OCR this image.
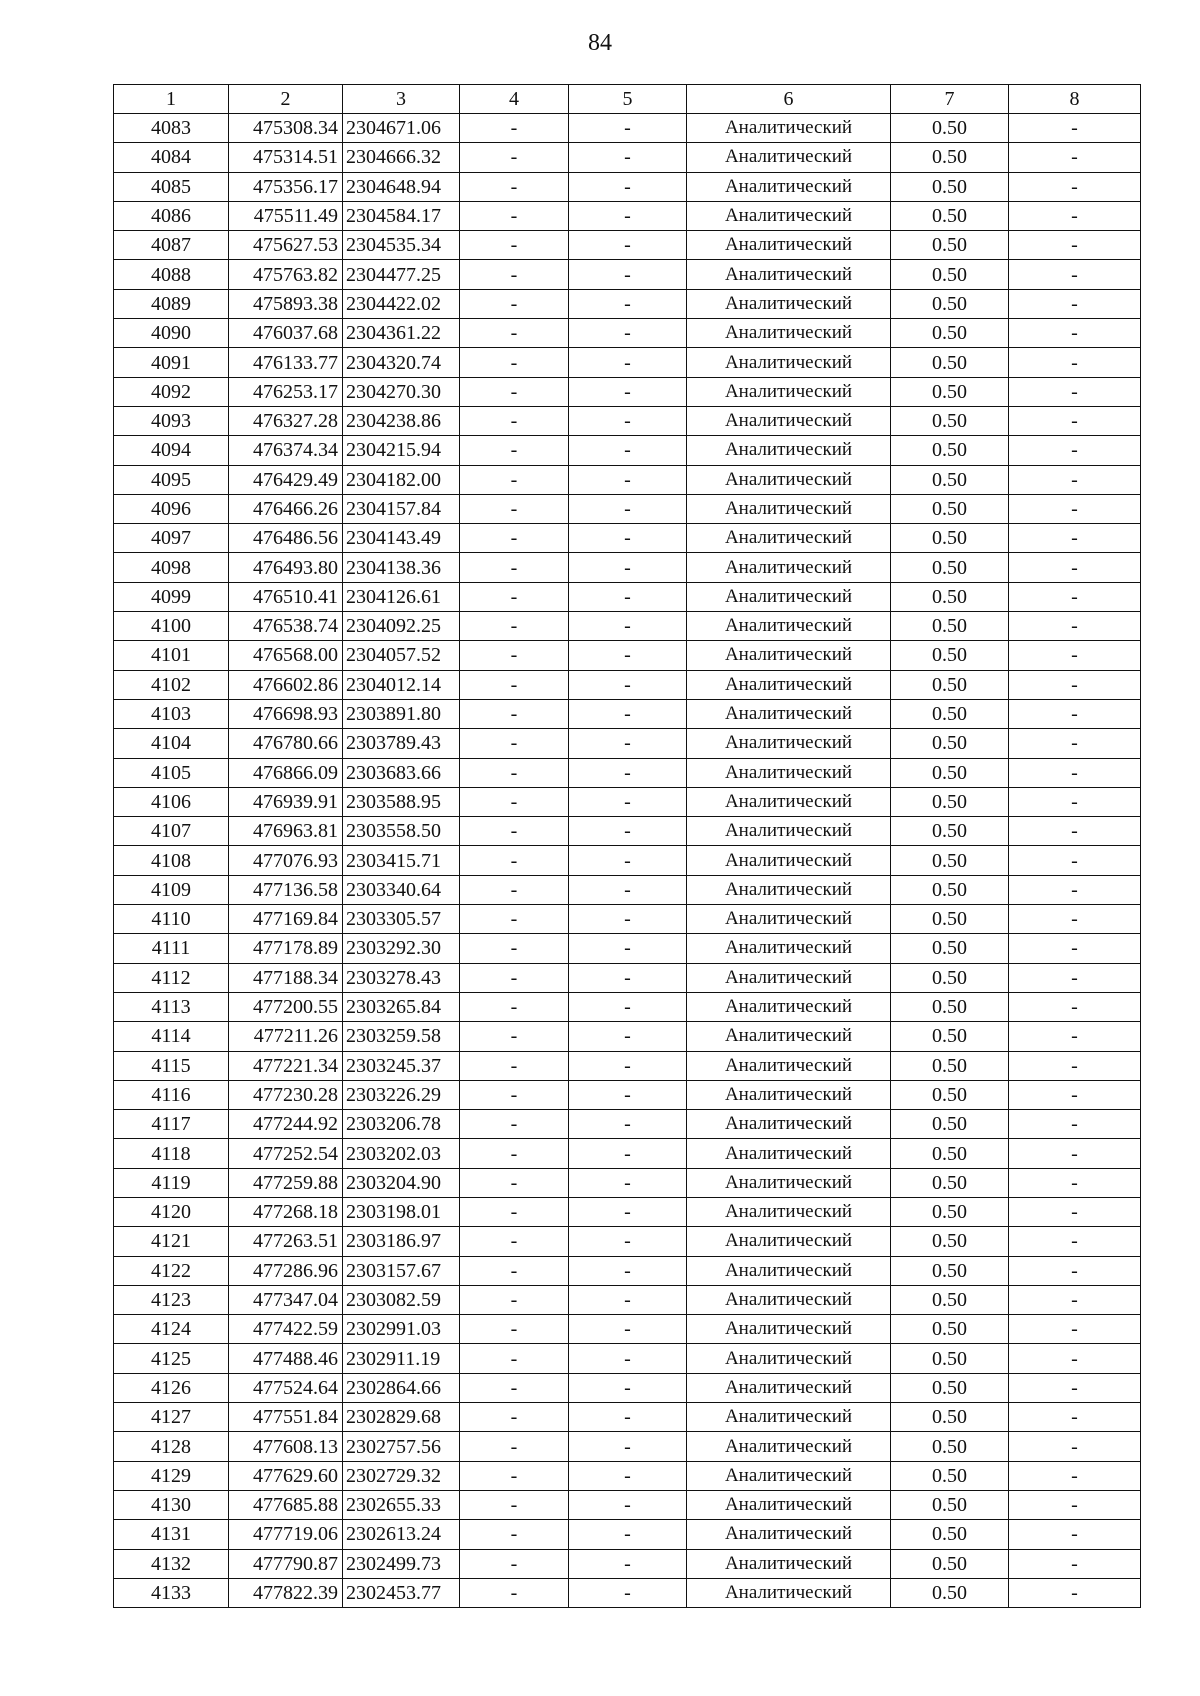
84
1	2	3	4	5	6	7	8
4083	475308.34	2304671.06	-	-	Аналитический	0.50	-
4084	475314.51	2304666.32	-	-	Аналитический	0.50	-
4085	475356.17	2304648.94	-	-	Аналитический	0.50	-
4086	475511.49	2304584.17	-	-	Аналитический	0.50	-
4087	475627.53	2304535.34	-	-	Аналитический	0.50	-
4088	475763.82	2304477.25	-	-	Аналитический	0.50	-
4089	475893.38	2304422.02	-	-	Аналитический	0.50	-
4090	476037.68	2304361.22	-	-	Аналитический	0.50	-
4091	476133.77	2304320.74	-	-	Аналитический	0.50	-
4092	476253.17	2304270.30	-	-	Аналитический	0.50	-
4093	476327.28	2304238.86	-	-	Аналитический	0.50	-
4094	476374.34	2304215.94	-	-	Аналитический	0.50	-
4095	476429.49	2304182.00	-	-	Аналитический	0.50	-
4096	476466.26	2304157.84	-	-	Аналитический	0.50	-
4097	476486.56	2304143.49	-	-	Аналитический	0.50	-
4098	476493.80	2304138.36	-	-	Аналитический	0.50	-
4099	476510.41	2304126.61	-	-	Аналитический	0.50	-
4100	476538.74	2304092.25	-	-	Аналитический	0.50	-
4101	476568.00	2304057.52	-	-	Аналитический	0.50	-
4102	476602.86	2304012.14	-	-	Аналитический	0.50	-
4103	476698.93	2303891.80	-	-	Аналитический	0.50	-
4104	476780.66	2303789.43	-	-	Аналитический	0.50	-
4105	476866.09	2303683.66	-	-	Аналитический	0.50	-
4106	476939.91	2303588.95	-	-	Аналитический	0.50	-
4107	476963.81	2303558.50	-	-	Аналитический	0.50	-
4108	477076.93	2303415.71	-	-	Аналитический	0.50	-
4109	477136.58	2303340.64	-	-	Аналитический	0.50	-
4110	477169.84	2303305.57	-	-	Аналитический	0.50	-
4111	477178.89	2303292.30	-	-	Аналитический	0.50	-
4112	477188.34	2303278.43	-	-	Аналитический	0.50	-
4113	477200.55	2303265.84	-	-	Аналитический	0.50	-
4114	477211.26	2303259.58	-	-	Аналитический	0.50	-
4115	477221.34	2303245.37	-	-	Аналитический	0.50	-
4116	477230.28	2303226.29	-	-	Аналитический	0.50	-
4117	477244.92	2303206.78	-	-	Аналитический	0.50	-
4118	477252.54	2303202.03	-	-	Аналитический	0.50	-
4119	477259.88	2303204.90	-	-	Аналитический	0.50	-
4120	477268.18	2303198.01	-	-	Аналитический	0.50	-
4121	477263.51	2303186.97	-	-	Аналитический	0.50	-
4122	477286.96	2303157.67	-	-	Аналитический	0.50	-
4123	477347.04	2303082.59	-	-	Аналитический	0.50	-
4124	477422.59	2302991.03	-	-	Аналитический	0.50	-
4125	477488.46	2302911.19	-	-	Аналитический	0.50	-
4126	477524.64	2302864.66	-	-	Аналитический	0.50	-
4127	477551.84	2302829.68	-	-	Аналитический	0.50	-
4128	477608.13	2302757.56	-	-	Аналитический	0.50	-
4129	477629.60	2302729.32	-	-	Аналитический	0.50	-
4130	477685.88	2302655.33	-	-	Аналитический	0.50	-
4131	477719.06	2302613.24	-	-	Аналитический	0.50	-
4132	477790.87	2302499.73	-	-	Аналитический	0.50	-
4133	477822.39	2302453.77	-	-	Аналитический	0.50	-
